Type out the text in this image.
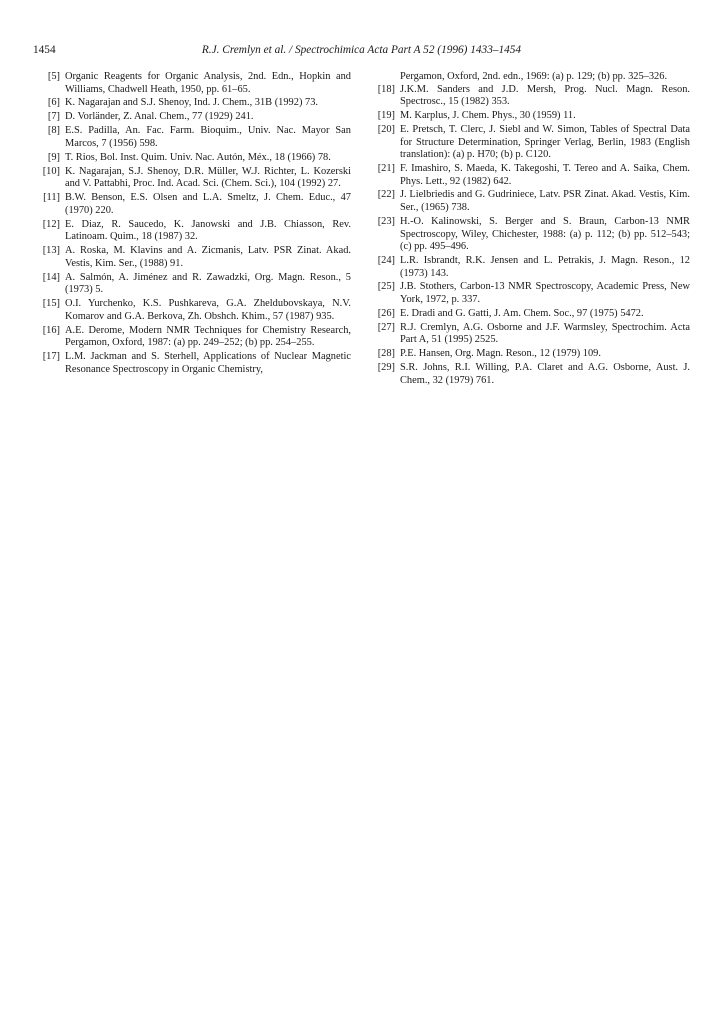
1454	R.J. Cremlyn et al. / Spectrochimica Acta Part A 52 (1996) 1433–1454
[5] Organic Reagents for Organic Analysis, 2nd. Edn., Hopkin and Williams, Chadwell Heath, 1950, pp. 61–65.
[6] K. Nagarajan and S.J. Shenoy, Ind. J. Chem., 31B (1992) 73.
[7] D. Vorländer, Z. Anal. Chem., 77 (1929) 241.
[8] E.S. Padilla, An. Fac. Farm. Bioquim., Univ. Nac. Mayor San Marcos, 7 (1956) 598.
[9] T. Rios, Bol. Inst. Quim. Univ. Nac. Autón, Méx., 18 (1966) 78.
[10] K. Nagarajan, S.J. Shenoy, D.R. Müller, W.J. Richter, L. Kozerski and V. Pattabhi, Proc. Ind. Acad. Sci. (Chem. Sci.), 104 (1992) 27.
[11] B.W. Benson, E.S. Olsen and L.A. Smeltz, J. Chem. Educ., 47 (1970) 220.
[12] E. Diaz, R. Saucedo, K. Janowski and J.B. Chiasson, Rev. Latinoam. Quim., 18 (1987) 32.
[13] A. Roska, M. Klavins and A. Zicmanis, Latv. PSR Zinat. Akad. Vestis, Kim. Ser., (1988) 91.
[14] A. Salmón, A. Jiménez and R. Zawadzki, Org. Magn. Reson., 5 (1973) 5.
[15] O.I. Yurchenko, K.S. Pushkareva, G.A. Zheldubovskaya, N.V. Komarov and G.A. Berkova, Zh. Obshch. Khim., 57 (1987) 935.
[16] A.E. Derome, Modern NMR Techniques for Chemistry Research, Pergamon, Oxford, 1987: (a) pp. 249–252; (b) pp. 254–255.
[17] L.M. Jackman and S. Sterhell, Applications of Nuclear Magnetic Resonance Spectroscopy in Organic Chemistry,
Pergamon, Oxford, 2nd. edn., 1969: (a) p. 129; (b) pp. 325–326.
[18] J.K.M. Sanders and J.D. Mersh, Prog. Nucl. Magn. Reson. Spectrosc., 15 (1982) 353.
[19] M. Karplus, J. Chem. Phys., 30 (1959) 11.
[20] E. Pretsch, T. Clerc, J. Siebl and W. Simon, Tables of Spectral Data for Structure Determination, Springer Verlag, Berlin, 1983 (English translation): (a) p. H70; (b) p. C120.
[21] F. Imashiro, S. Maeda, K. Takegoshi, T. Tereo and A. Saika, Chem. Phys. Lett., 92 (1982) 642.
[22] J. Lielbriedis and G. Gudriniece, Latv. PSR Zinat. Akad. Vestis, Kim. Ser., (1965) 738.
[23] H.-O. Kalinowski, S. Berger and S. Braun, Carbon-13 NMR Spectroscopy, Wiley, Chichester, 1988: (a) p. 112; (b) pp. 512–543; (c) pp. 495–496.
[24] L.R. Isbrandt, R.K. Jensen and L. Petrakis, J. Magn. Reson., 12 (1973) 143.
[25] J.B. Stothers, Carbon-13 NMR Spectroscopy, Academic Press, New York, 1972, p. 337.
[26] E. Dradi and G. Gatti, J. Am. Chem. Soc., 97 (1975) 5472.
[27] R.J. Cremlyn, A.G. Osborne and J.F. Warmsley, Spectrochim. Acta Part A, 51 (1995) 2525.
[28] P.E. Hansen, Org. Magn. Reson., 12 (1979) 109.
[29] S.R. Johns, R.I. Willing, P.A. Claret and A.G. Osborne, Aust. J. Chem., 32 (1979) 761.
